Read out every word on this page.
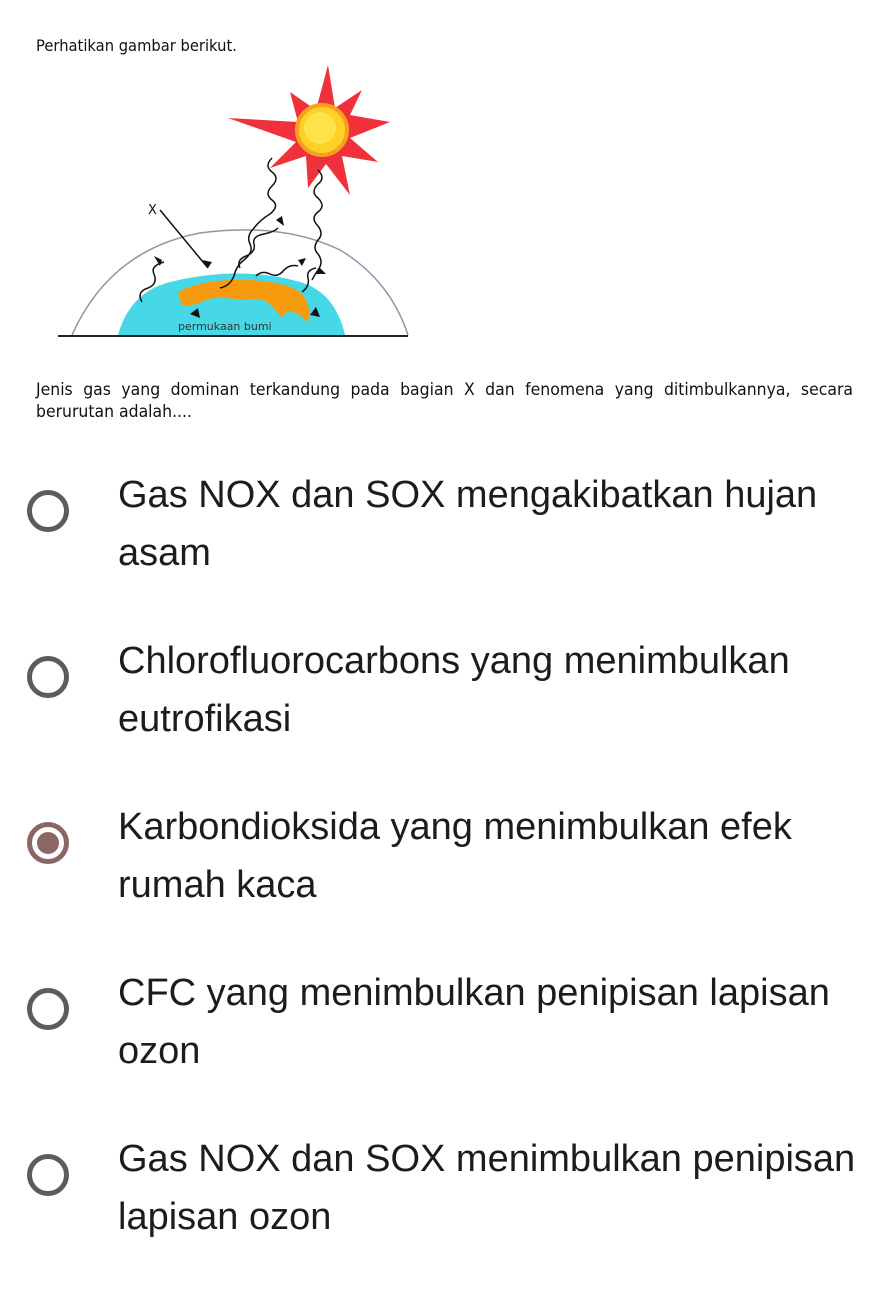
Perhatikan gambar berikut.
X
permukaan bumi
Jenis gas yang dominan terkandung pada bagian X dan fenomena yang ditimbulkannya, secara berurutan adalah....
Gas NOX dan SOX mengakibatkan hujan asam
Chlorofluorocarbons yang menimbulkan eutrofikasi
Karbondioksida yang menimbulkan efek rumah kaca
CFC yang menimbulkan penipisan lapisan ozon
Gas NOX dan SOX menimbulkan penipisan lapisan ozon
